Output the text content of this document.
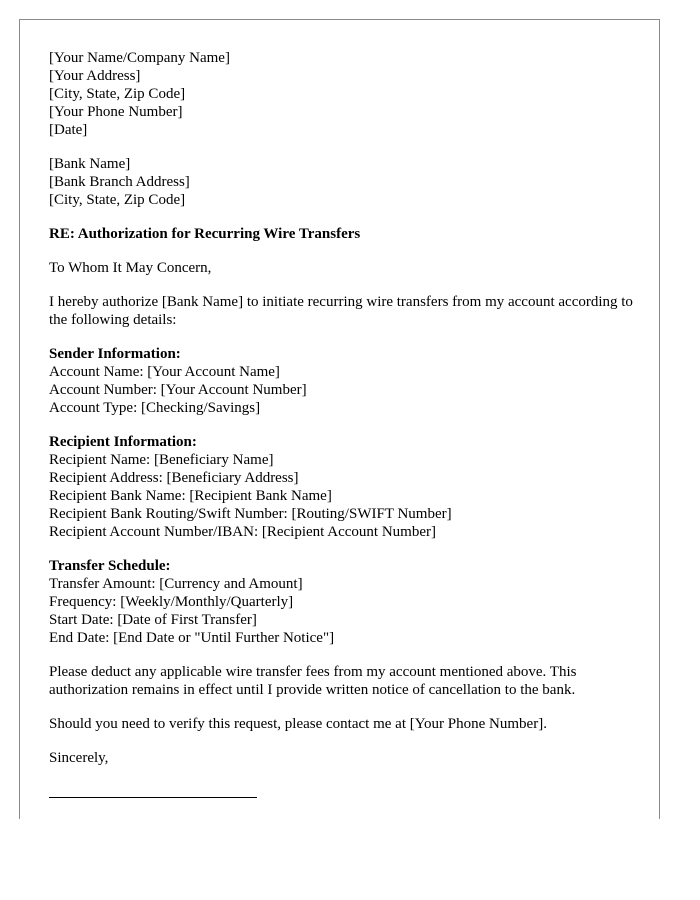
[Your Name/Company Name]
[Your Address]
[City, State, Zip Code]
[Your Phone Number]
[Date]
[Bank Name]
[Bank Branch Address]
[City, State, Zip Code]
RE: Authorization for Recurring Wire Transfers
To Whom It May Concern,

I hereby authorize [Bank Name] to initiate recurring wire transfers from my account according to the following details:

Sender Information:
Account Name: [Your Account Name]
Account Number: [Your Account Number]
Account Type: [Checking/Savings]
Recipient Information:
Recipient Name: [Beneficiary Name]
Recipient Address: [Beneficiary Address]
Recipient Bank Name: [Recipient Bank Name]
Recipient Bank Routing/Swift Number: [Routing/SWIFT Number]
Recipient Account Number/IBAN: [Recipient Account Number]
Transfer Schedule:
Transfer Amount: [Currency and Amount]
Frequency: [Weekly/Monthly/Quarterly]
Start Date: [Date of First Transfer]
End Date: [End Date or "Until Further Notice"]

Please deduct any applicable wire transfer fees from my account mentioned above. This authorization remains in effect until I provide written notice of cancellation to the bank.

Should you need to verify this request, please contact me at [Your Phone Number].

Sincerely,
